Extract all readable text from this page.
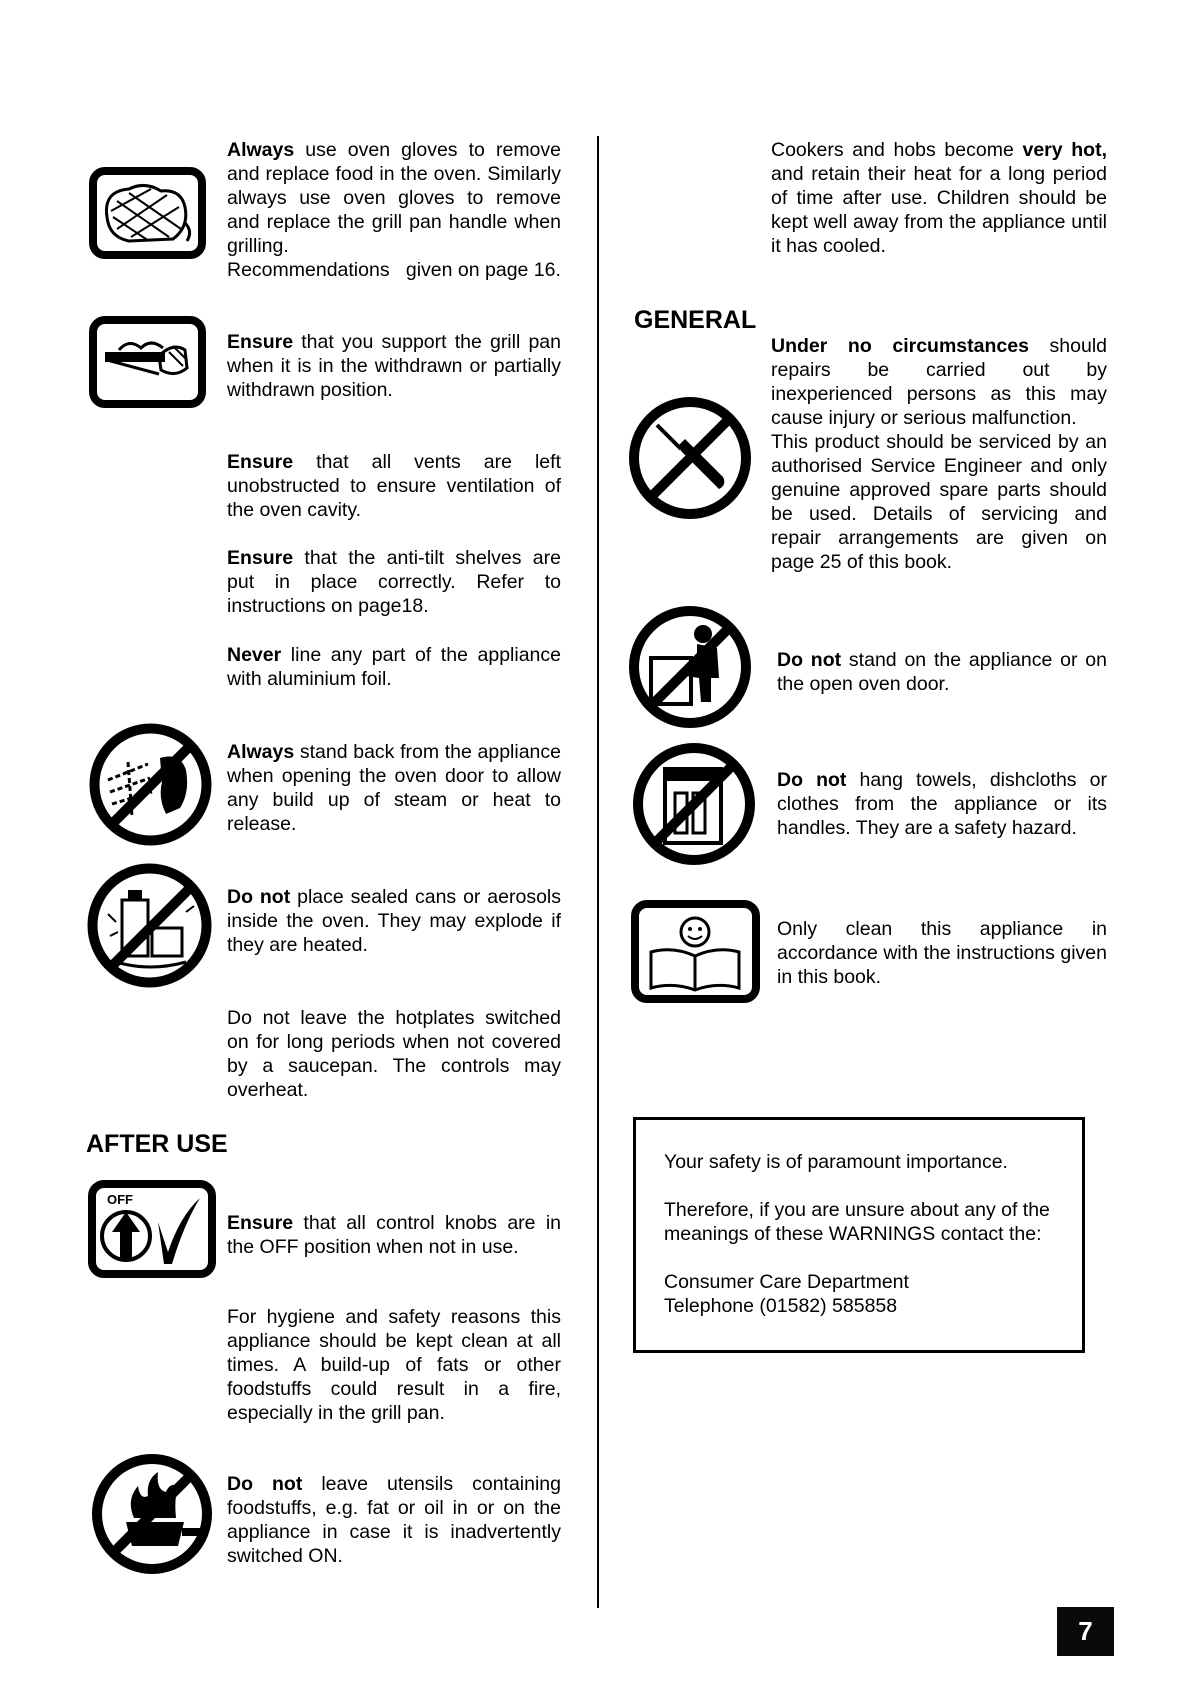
Always use oven gloves to remove and replace food in the oven. Similarly always use oven gloves to remove and replace the grill pan handle when grilling.
Recommendations given on page 16.

Ensure that you support the grill pan when it is in the withdrawn or partially withdrawn position.

Ensure that all vents are left unobstructed to ensure ventilation of the oven cavity.

Ensure that the anti-tilt shelves are put in place correctly. Refer to instructions on page18.

Never line any part of the appliance with aluminium foil.

Always stand back from the appliance when opening the oven door to allow any build up of steam or heat to release.

Do not place sealed cans or aerosols inside the oven. They may explode if they are heated.

Do not leave the hotplates switched on for long periods when not covered by a saucepan. The controls may overheat.

AFTER USE
OFF

Ensure that all control knobs are in the OFF position when not in use.

For hygiene and safety reasons this appliance should be kept clean at all times. A build-up of fats or other foodstuffs could result in a fire, especially in the grill pan.

Do not leave utensils containing foodstuffs, e.g. fat or oil in or on the appliance in case it is inadvertently switched ON.

Cookers and hobs become very hot, and retain their heat for a long period of time after use. Children should be kept well away from the appliance until it has cooled.

GENERAL

Under no circumstances should repairs be carried out by inexperienced persons as this may cause injury or serious malfunction.
This product should be serviced by an authorised Service Engineer and only genuine approved spare parts should be used. Details of servicing and repair arrangements are given on page 25 of this book.

Do not stand on the appliance or on the open oven door.

Do not hang towels, dishcloths or clothes from the appliance or its handles. They are a safety hazard.

Only clean this appliance in accordance with the instructions given in this book.

Your safety is of paramount importance.

Therefore, if you are unsure about any of the meanings of these WARNINGS contact the:

Consumer Care Department

Telephone (01582) 585858

7
